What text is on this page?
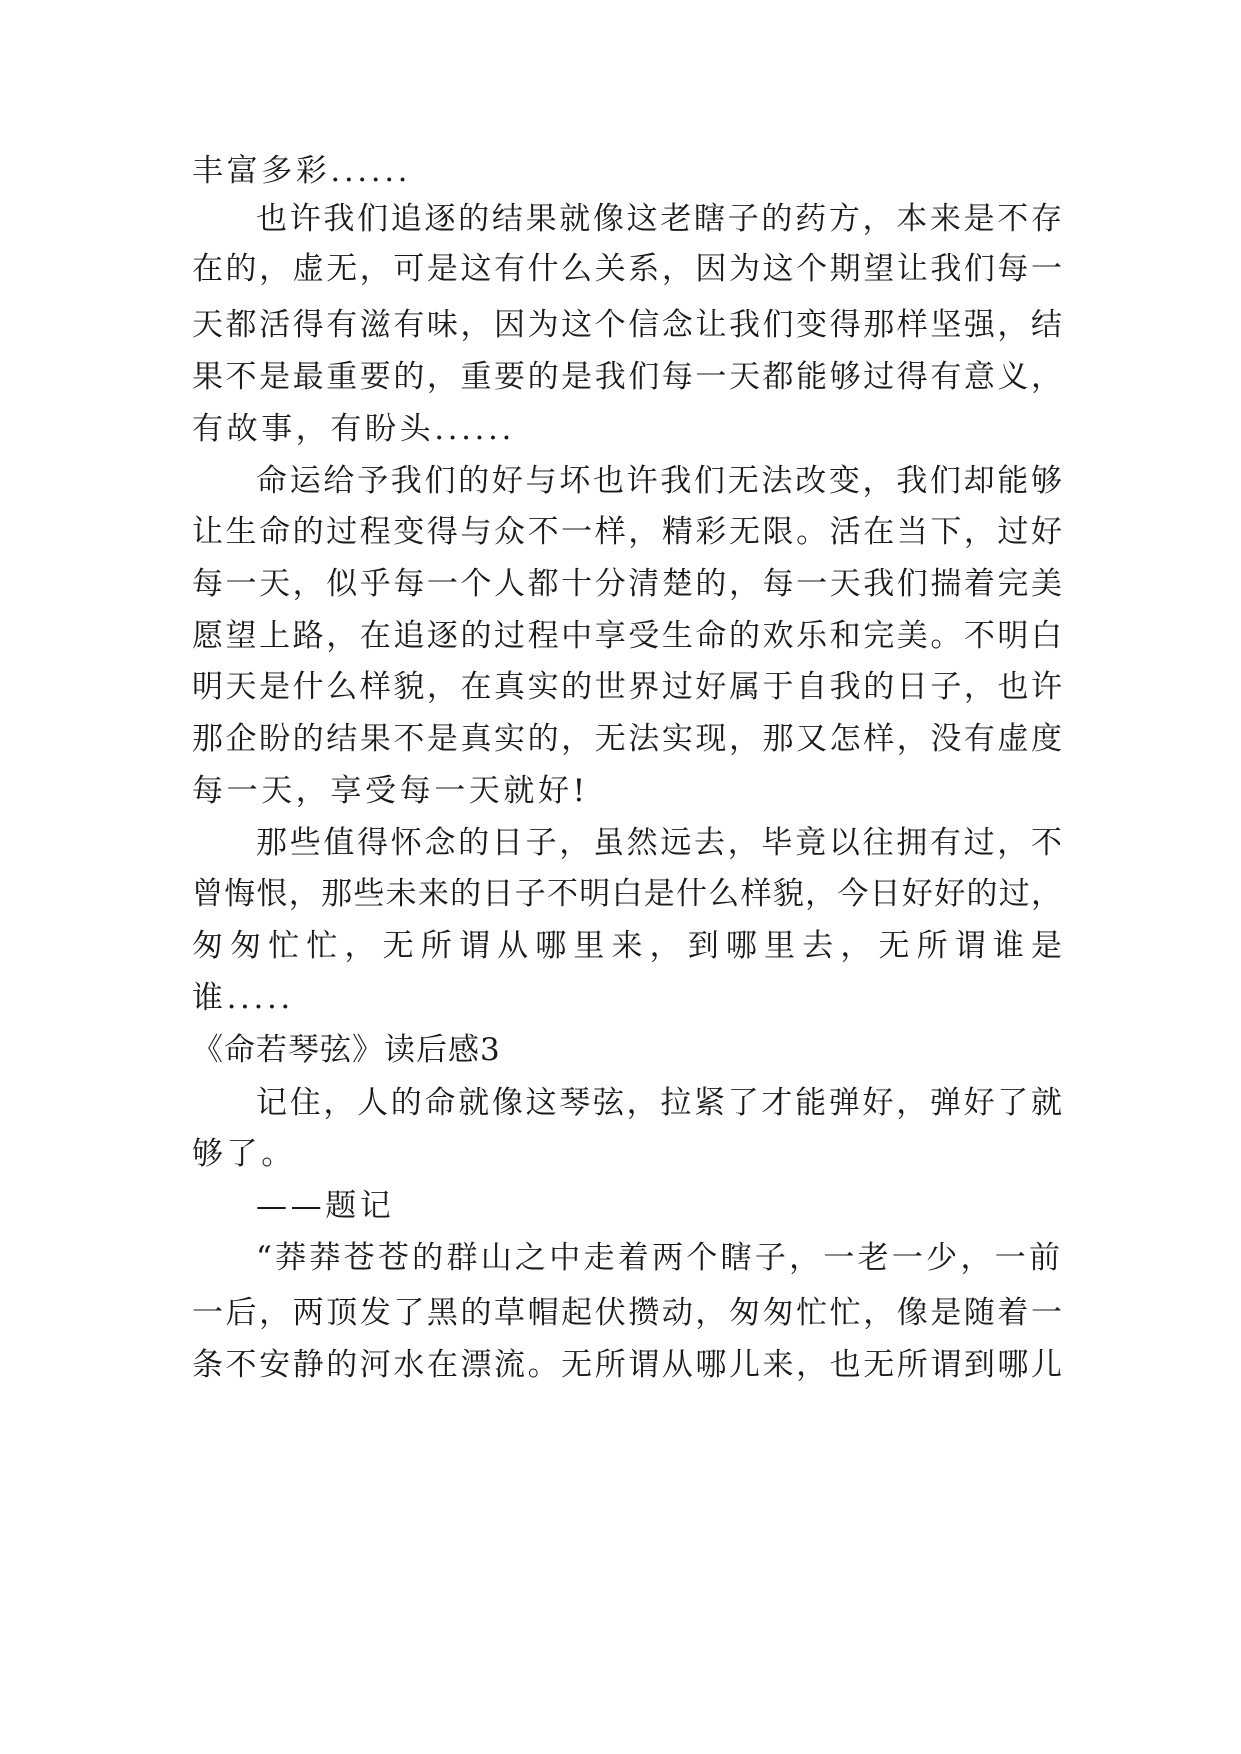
丰富多彩......
也许我们追逐的结果就像这老瞎子的药方，本来是不存
在的，虚无，可是这有什么关系，因为这个期望让我们每一
天都活得有滋有味，因为这个信念让我们变得那样坚强，结
果不是最重要的，重要的是我们每一天都能够过得有意义，
有故事，有盼头......
命运给予我们的好与坏也许我们无法改变，我们却能够
让生命的过程变得与众不一样，精彩无限。活在当下，过好
每一天，似乎每一个人都十分清楚的，每一天我们揣着完美
愿望上路，在追逐的过程中享受生命的欢乐和完美。不明白
明天是什么样貌，在真实的世界过好属于自我的日子，也许
那企盼的结果不是真实的，无法实现，那又怎样，没有虚度
每一天，享受每一天就好!
那些值得怀念的日子，虽然远去，毕竟以往拥有过，不
曾悔恨，那些未来的日子不明白是什么样貌，今日好好的过，
匆匆忙忙，无所谓从哪里来，到哪里去，无所谓谁是
谁.....
《命若琴弦》读后感3
记住，人的命就像这琴弦，拉紧了才能弹好，弹好了就
够了。
——题记
“莽莽苍苍的群山之中走着两个瞎子，一老一少，一前
一后，两顶发了黑的草帽起伏攒动，匆匆忙忙，像是随着一
条不安静的河水在漂流。无所谓从哪儿来，也无所谓到哪儿
